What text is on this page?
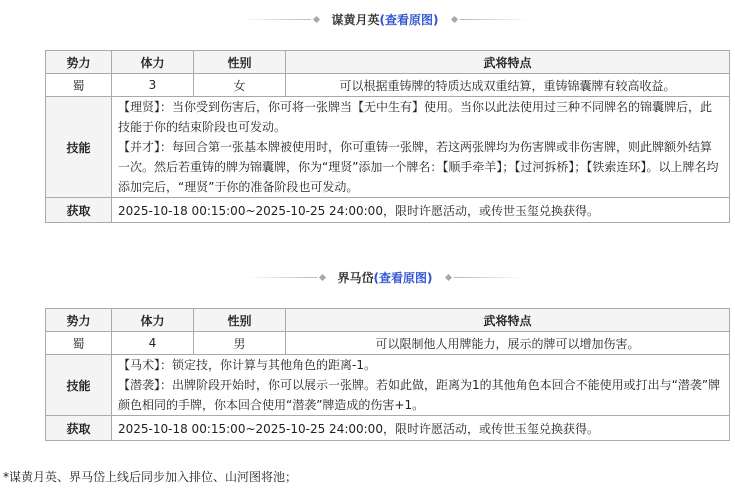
谋黄月英(查看原图)
势力	体力	性别	武将特点
蜀	3	女	可以根据重铸牌的特质达成双重结算，重铸锦囊牌有较高收益。
技能	【理贤】：当你受到伤害后，你可将一张牌当【无中生有】使用。当你以此法使用过三种不同牌名的锦囊牌后，此技能于你的结束阶段也可发动。

【并才】：每回合第一张基本牌被使用时，你可重铸一张牌，若这两张牌均为伤害牌或非伤害牌，则此牌额外结算一次。然后若重铸的牌为锦囊牌，你为“理贤”添加一个牌名：【顺手牵羊】；【过河拆桥】；【铁索连环】。以上牌名均添加完后，“理贤”于你的准备阶段也可发动。		

获取	2025-10-18 00:15:00~2025-10-25 24:00:00，限时许愿活动，或传世玉玺兑换获得。		
界马岱(查看原图)
势力	体力	性别	武将特点
蜀	4	男	可以限制他人用牌能力，展示的牌可以增加伤害。
技能	【马术】：锁定技，你计算与其他角色的距离-1。

【潜袭】：出牌阶段开始时，你可以展示一张牌。若如此做，距离为1的其他角色本回合不能使用或打出与“潜袭”牌颜色相同的手牌，你本回合使用“潜袭”牌造成的伤害+1。		

获取	2025-10-18 00:15:00~2025-10-25 24:00:00，限时许愿活动，或传世玉玺兑换获得。		
*谋黄月英、界马岱上线后同步加入排位、山河图将池；
